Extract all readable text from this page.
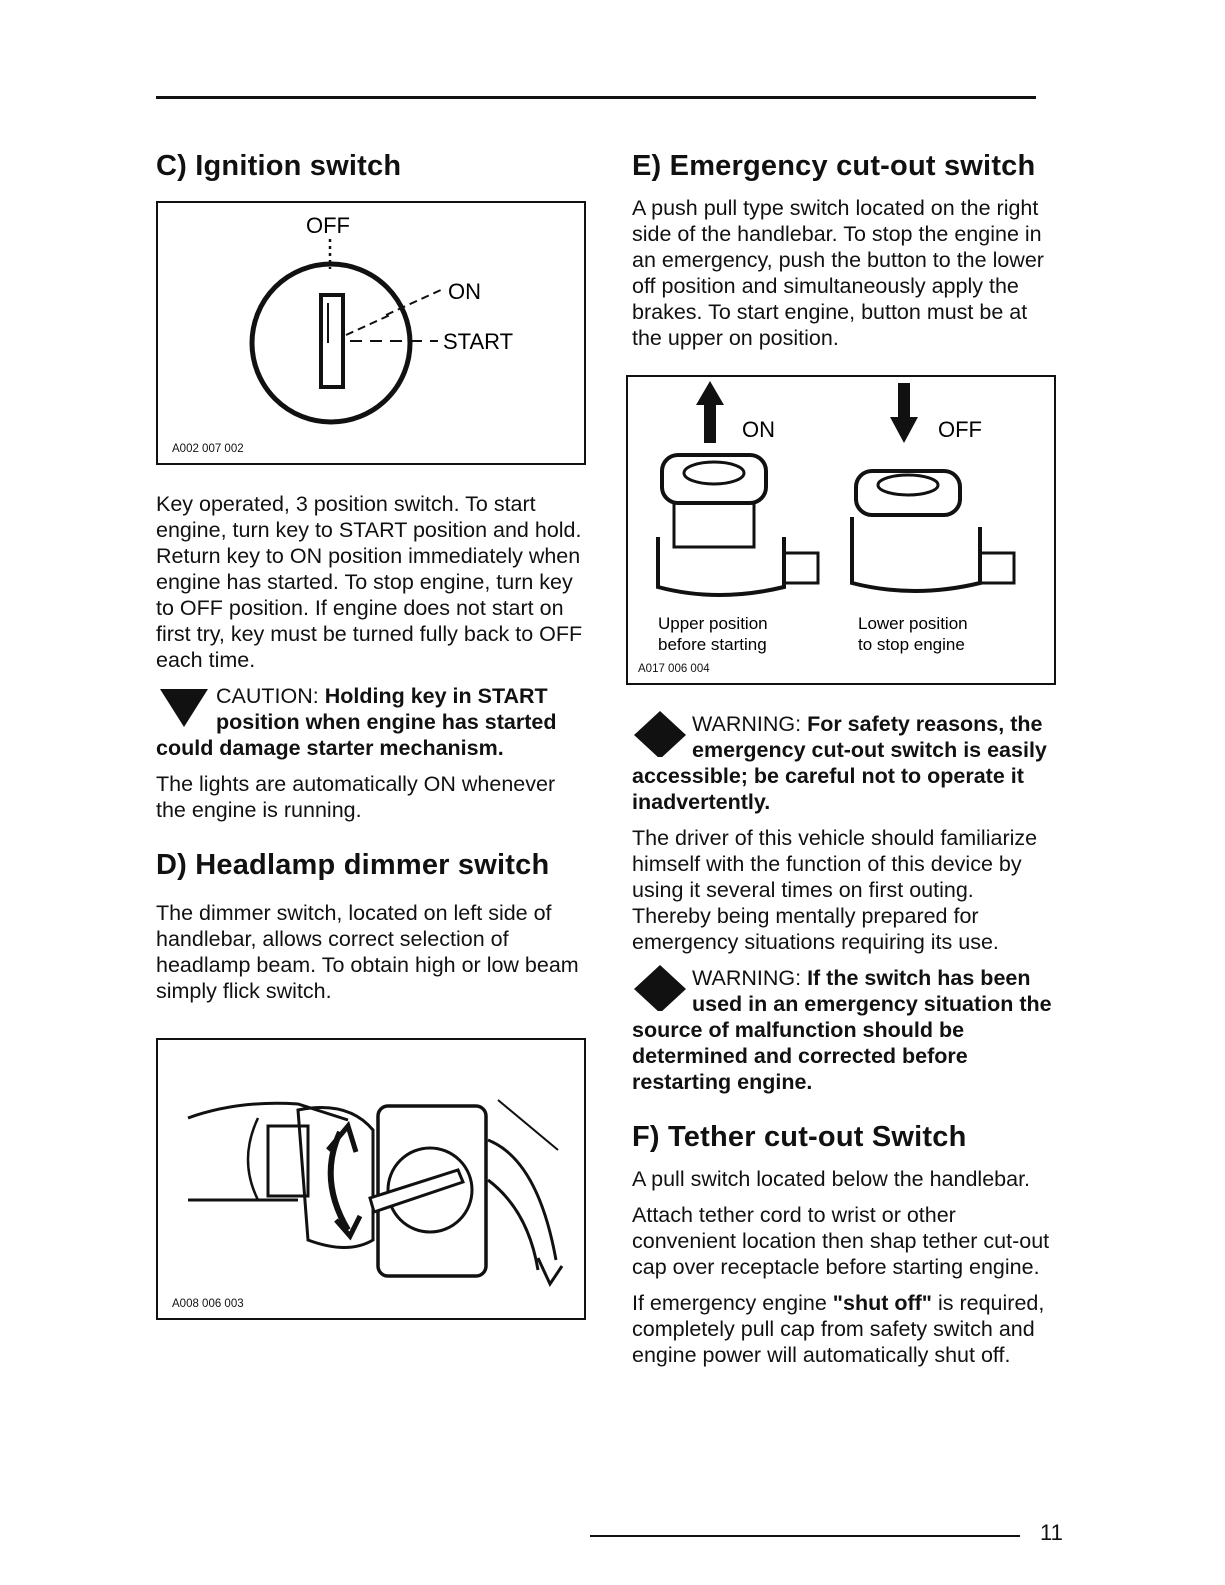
C) Ignition switch
OFF
ON
START
A002 007 002

Key operated, 3 position switch. To start engine, turn key to START position and hold. Return key to ON position immediately when engine has started. To stop engine, turn key to OFF position. If engine does not start on first try, key must be turned fully back to OFF each time.

CAUTION: Holding key in START position when engine has started could damage starter mechanism.

The lights are automatically ON whenever the engine is running.

D) Headlamp dimmer switch

The dimmer switch, located on left side of handlebar, allows correct selection of headlamp beam. To obtain high or low beam simply flick switch.

A008 006 003
E) Emergency cut-out switch

A push pull type switch located on the right side of the handlebar. To stop the engine in an emergency, push the button to the lower off position and simultaneously apply the brakes. To start engine, button must be at the upper on position.

ON	OFF
Upper position
before starting
Lower position
to stop engine
A017 006 004
WARNING: For safety reasons, the emergency cut-out switch is easily accessible; be careful not to operate it inadvertently.

The driver of this vehicle should familiarize himself with the function of this device by using it several times on first outing. Thereby being mentally prepared for emergency situations requiring its use.

WARNING: If the switch has been used in an emergency situation the source of malfunction should be determined and corrected before restarting engine.
F) Tether cut-out Switch

A pull switch located below the handlebar.

Attach tether cord to wrist or other convenient location then shap tether cut-out cap over receptacle before starting engine.

If emergency engine "shut off" is required, completely pull cap from safety switch and engine power will automatically shut off.

11
